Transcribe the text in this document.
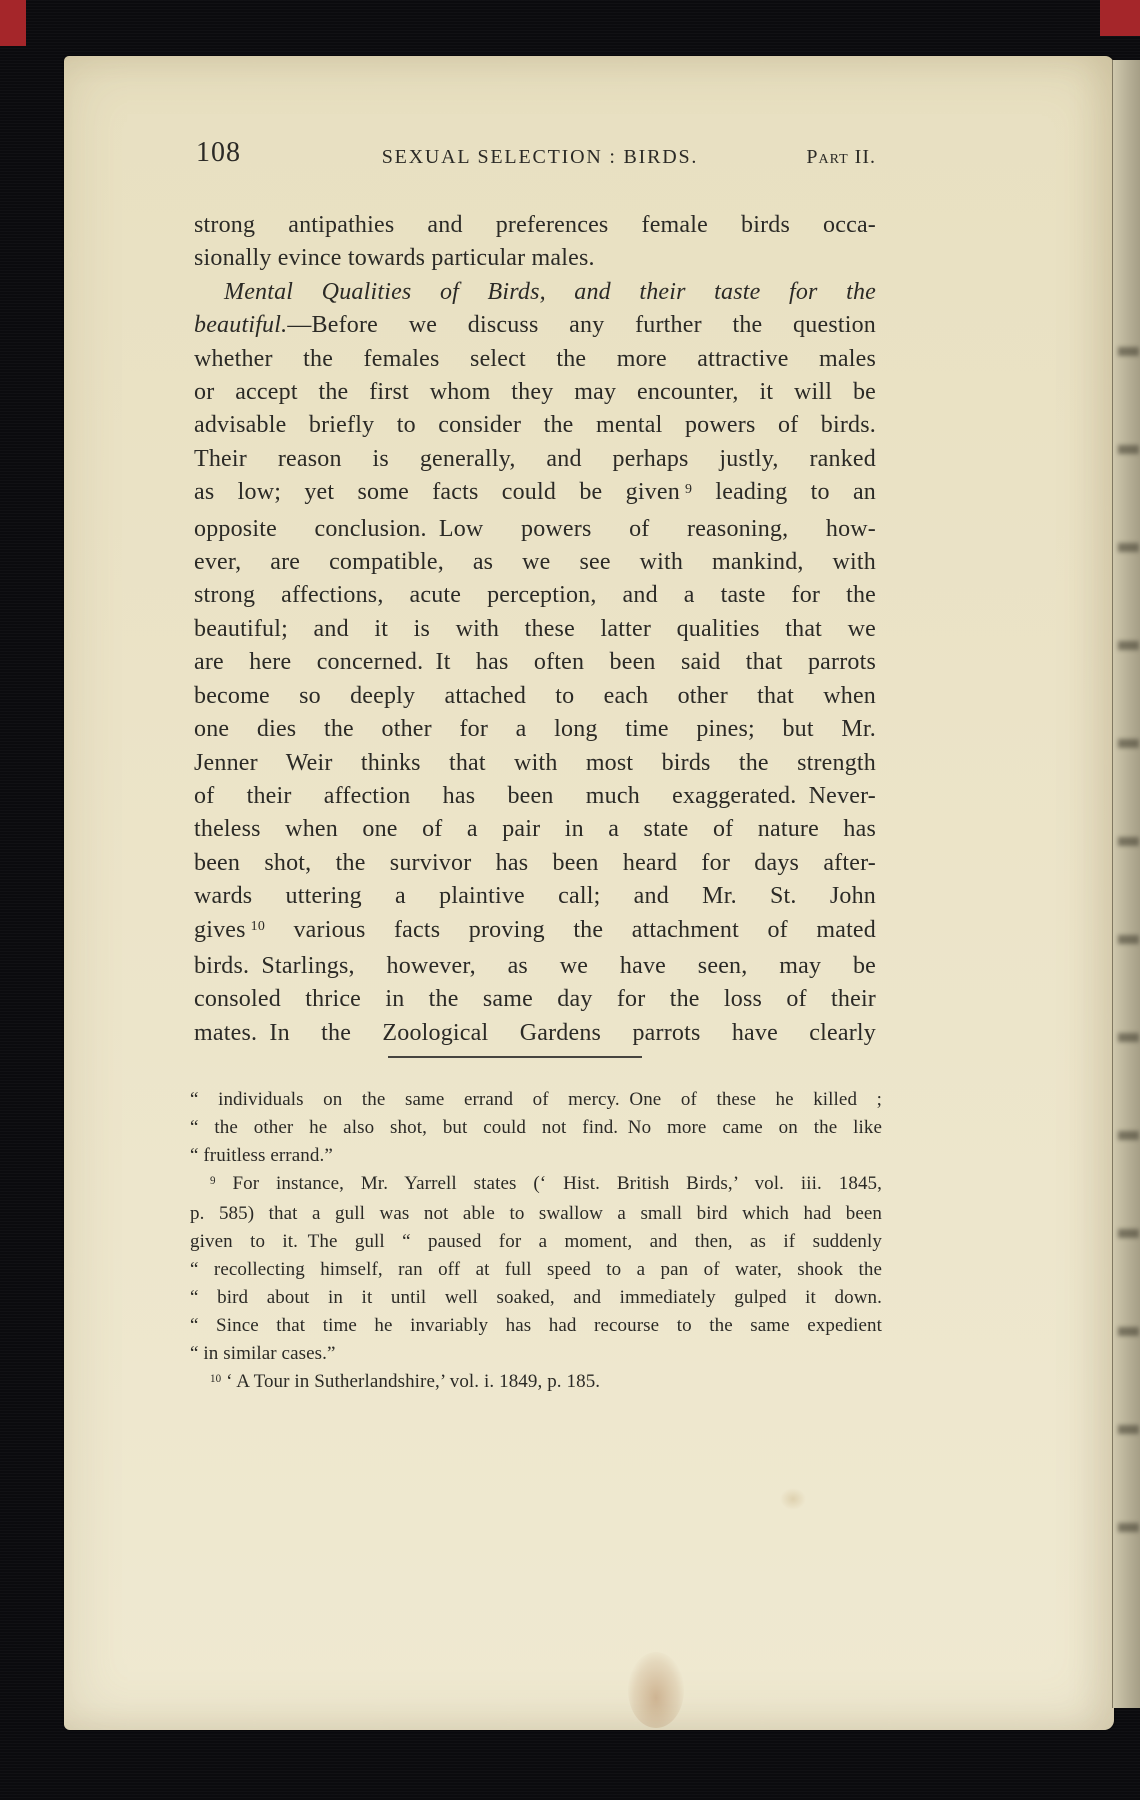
108	SEXUAL SELECTION : BIRDS.	Part II.
strong antipathies and preferences female birds occa-
sionally evince towards particular males.
Mental Qualities of Birds, and their taste for the
beautiful.—Before we discuss any further the question
whether the females select the more attractive males
or accept the first whom they may encounter, it will be
advisable briefly to consider the mental powers of birds.
Their reason is generally, and perhaps justly, ranked
as low; yet some facts could be given $^9$ leading to an
opposite conclusion. Low powers of reasoning, how-
ever, are compatible, as we see with mankind, with
strong affections, acute perception, and a taste for the
beautiful; and it is with these latter qualities that we
are here concerned. It has often been said that parrots
become so deeply attached to each other that when
one dies the other for a long time pines; but Mr.
Jenner Weir thinks that with most birds the strength
of their affection has been much exaggerated. Never-
theless when one of a pair in a state of nature has
been shot, the survivor has been heard for days after-
wards uttering a plaintive call; and Mr. St. John
gives $^{10}$ various facts proving the attachment of mated
birds. Starlings, however, as we have seen, may be
consoled thrice in the same day for the loss of their
mates. In the Zoological Gardens parrots have clearly
“ individuals on the same errand of mercy. One of these he killed ;
“ the other he also shot, but could not find. No more came on the like
“ fruitless errand.”
$^9$ For instance, Mr. Yarrell states (‘ Hist. British Birds,’ vol. iii. 1845,
p. 585) that a gull was not able to swallow a small bird which had been
given to it. The gull “ paused for a moment, and then, as if suddenly
“ recollecting himself, ran off at full speed to a pan of water, shook the
“ bird about in it until well soaked, and immediately gulped it down.
“ Since that time he invariably has had recourse to the same expedient
“ in similar cases.”
$^{10}$ ‘ A Tour in Sutherlandshire,’ vol. i. 1849, p. 185.
